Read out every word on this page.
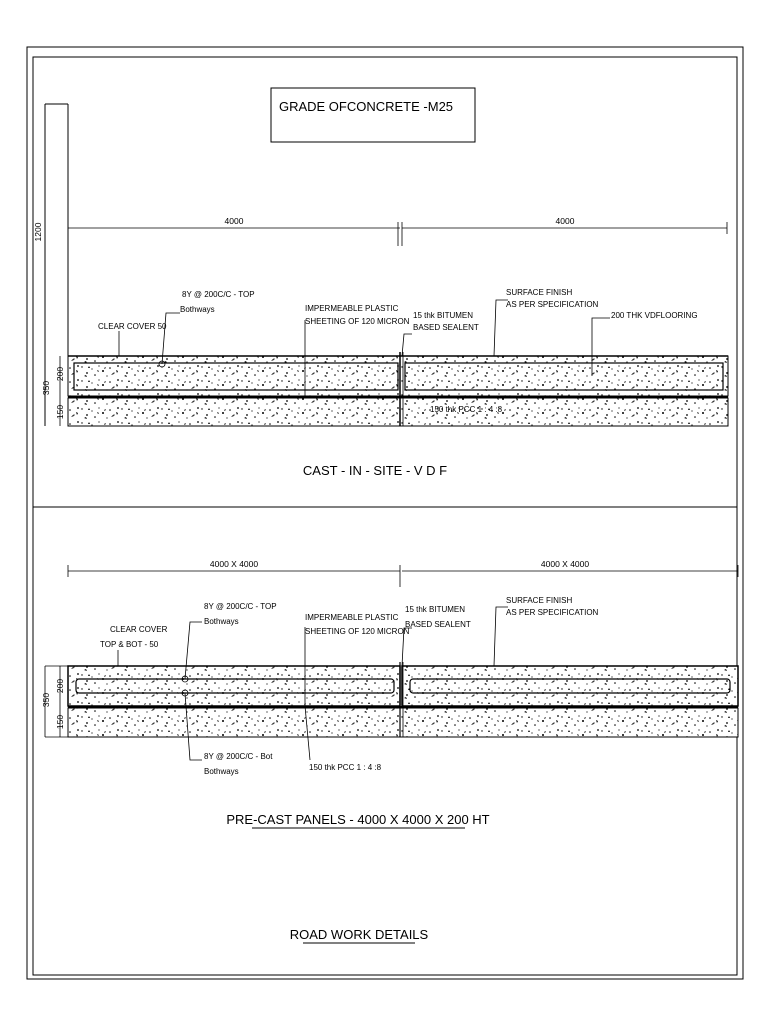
GRADE OFCONCRETE -M25
1200
350
200
150
4000	4000
8Y @ 200C/C - TOP
Bothways
CLEAR COVER 50
IMPERMEABLE PLASTIC
SHEETING OF 120 MICRON
15 thk BITUMEN
BASED SEALENT
SURFACE FINISH
AS PER SPECIFICATION
200 THK VDFLOORING
150 thk PCC 1 : 4 :8
CAST - IN - SITE - V D F
4000 X 4000	4000 X 4000
350
200
150
8Y @ 200C/C - TOP
Bothways
8Y @ 200C/C - Bot
Bothways
CLEAR COVER
TOP & BOT - 50
IMPERMEABLE PLASTIC
SHEETING OF 120 MICRON
15 thk BITUMEN
BASED SEALENT
SURFACE FINISH
AS PER SPECIFICATION
150 thk PCC 1 : 4 :8
PRE-CAST PANELS - 4000 X 4000 X 200 HT
ROAD WORK DETAILS
